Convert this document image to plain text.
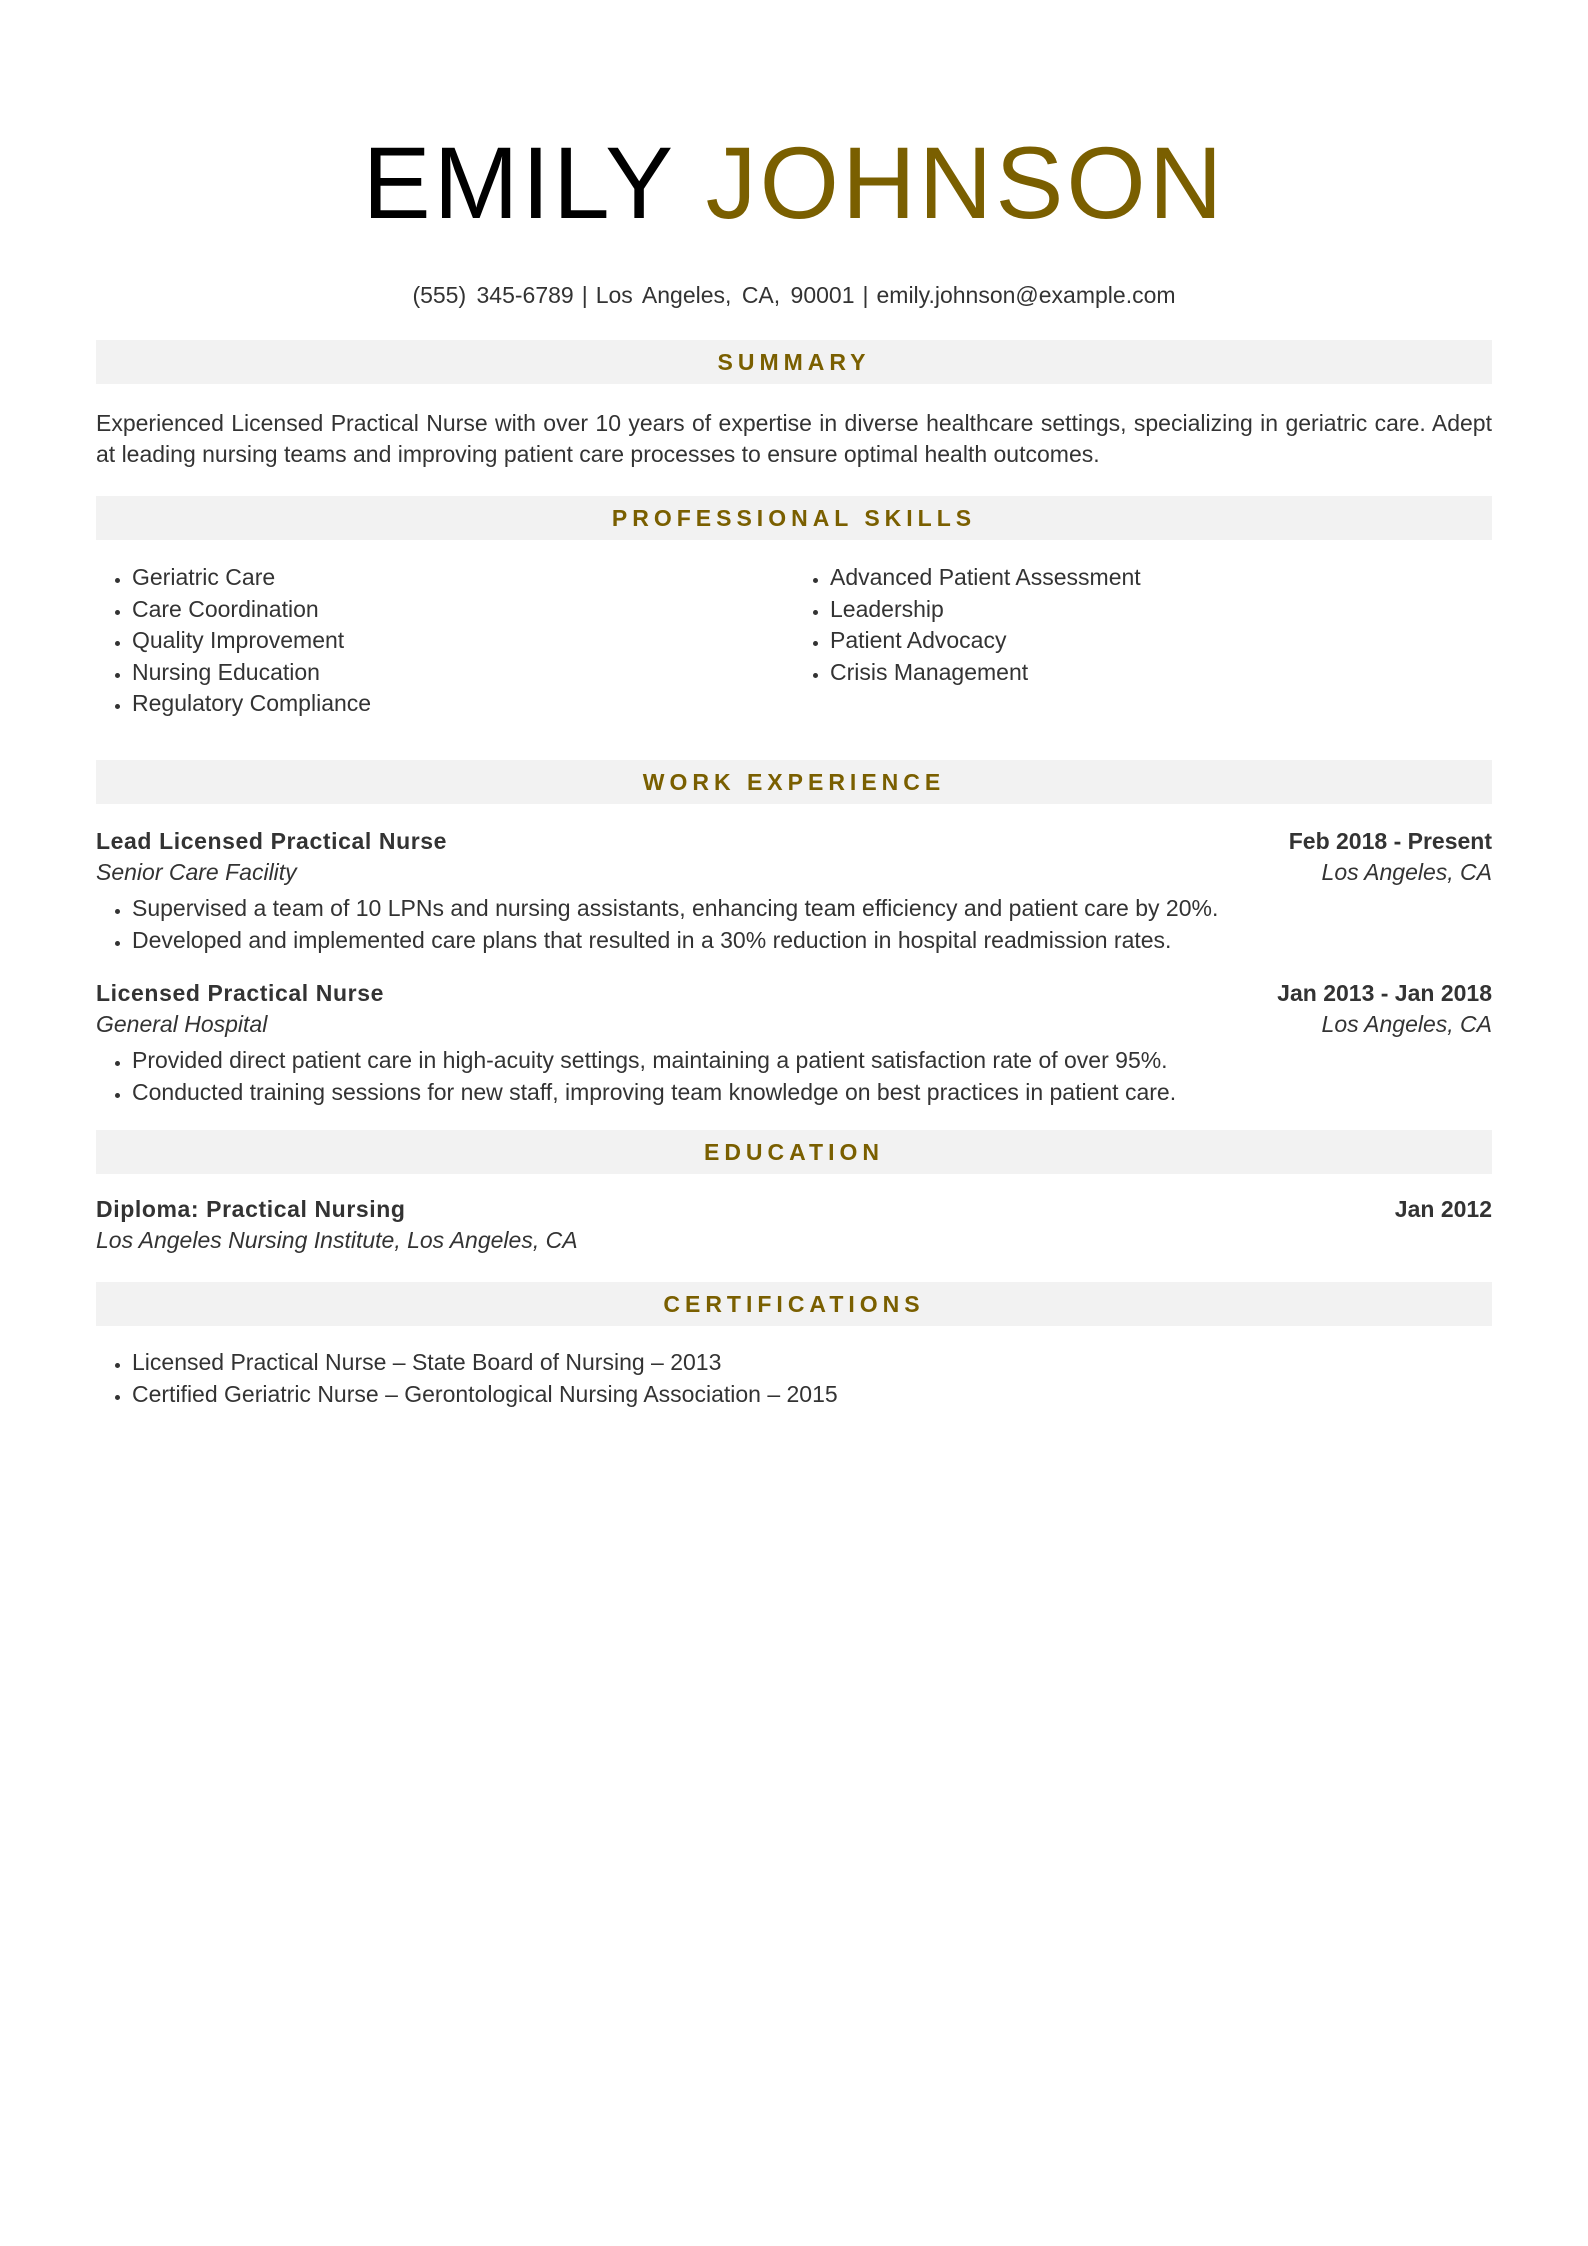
EMILY JOHNSON
(555) 345-6789 | Los Angeles, CA, 90001 | emily.johnson@example.com
SUMMARY

Experienced Licensed Practical Nurse with over 10 years of expertise in diverse healthcare settings, specializing in geriatric care. Adept at leading nursing teams and improving patient care processes to ensure optimal health outcomes.

PROFESSIONAL SKILLS
• Geriatric Care
• Care Coordination
• Quality Improvement
• Nursing Education
• Regulatory Compliance
• Advanced Patient Assessment
• Leadership
• Patient Advocacy
• Crisis Management
WORK EXPERIENCE
Lead Licensed Practical Nurse	Feb 2018 - Present
Senior Care Facility	Los Angeles, CA
• Supervised a team of 10 LPNs and nursing assistants, enhancing team efficiency and patient care by 20%.
• Developed and implemented care plans that resulted in a 30% reduction in hospital readmission rates.
Licensed Practical Nurse	Jan 2013 - Jan 2018
General Hospital	Los Angeles, CA
• Provided direct patient care in high-acuity settings, maintaining a patient satisfaction rate of over 95%.
• Conducted training sessions for new staff, improving team knowledge on best practices in patient care.
EDUCATION
Diploma: Practical Nursing	Jan 2012
Los Angeles Nursing Institute, Los Angeles, CA
CERTIFICATIONS
• Licensed Practical Nurse – State Board of Nursing – 2013
• Certified Geriatric Nurse – Gerontological Nursing Association – 2015
